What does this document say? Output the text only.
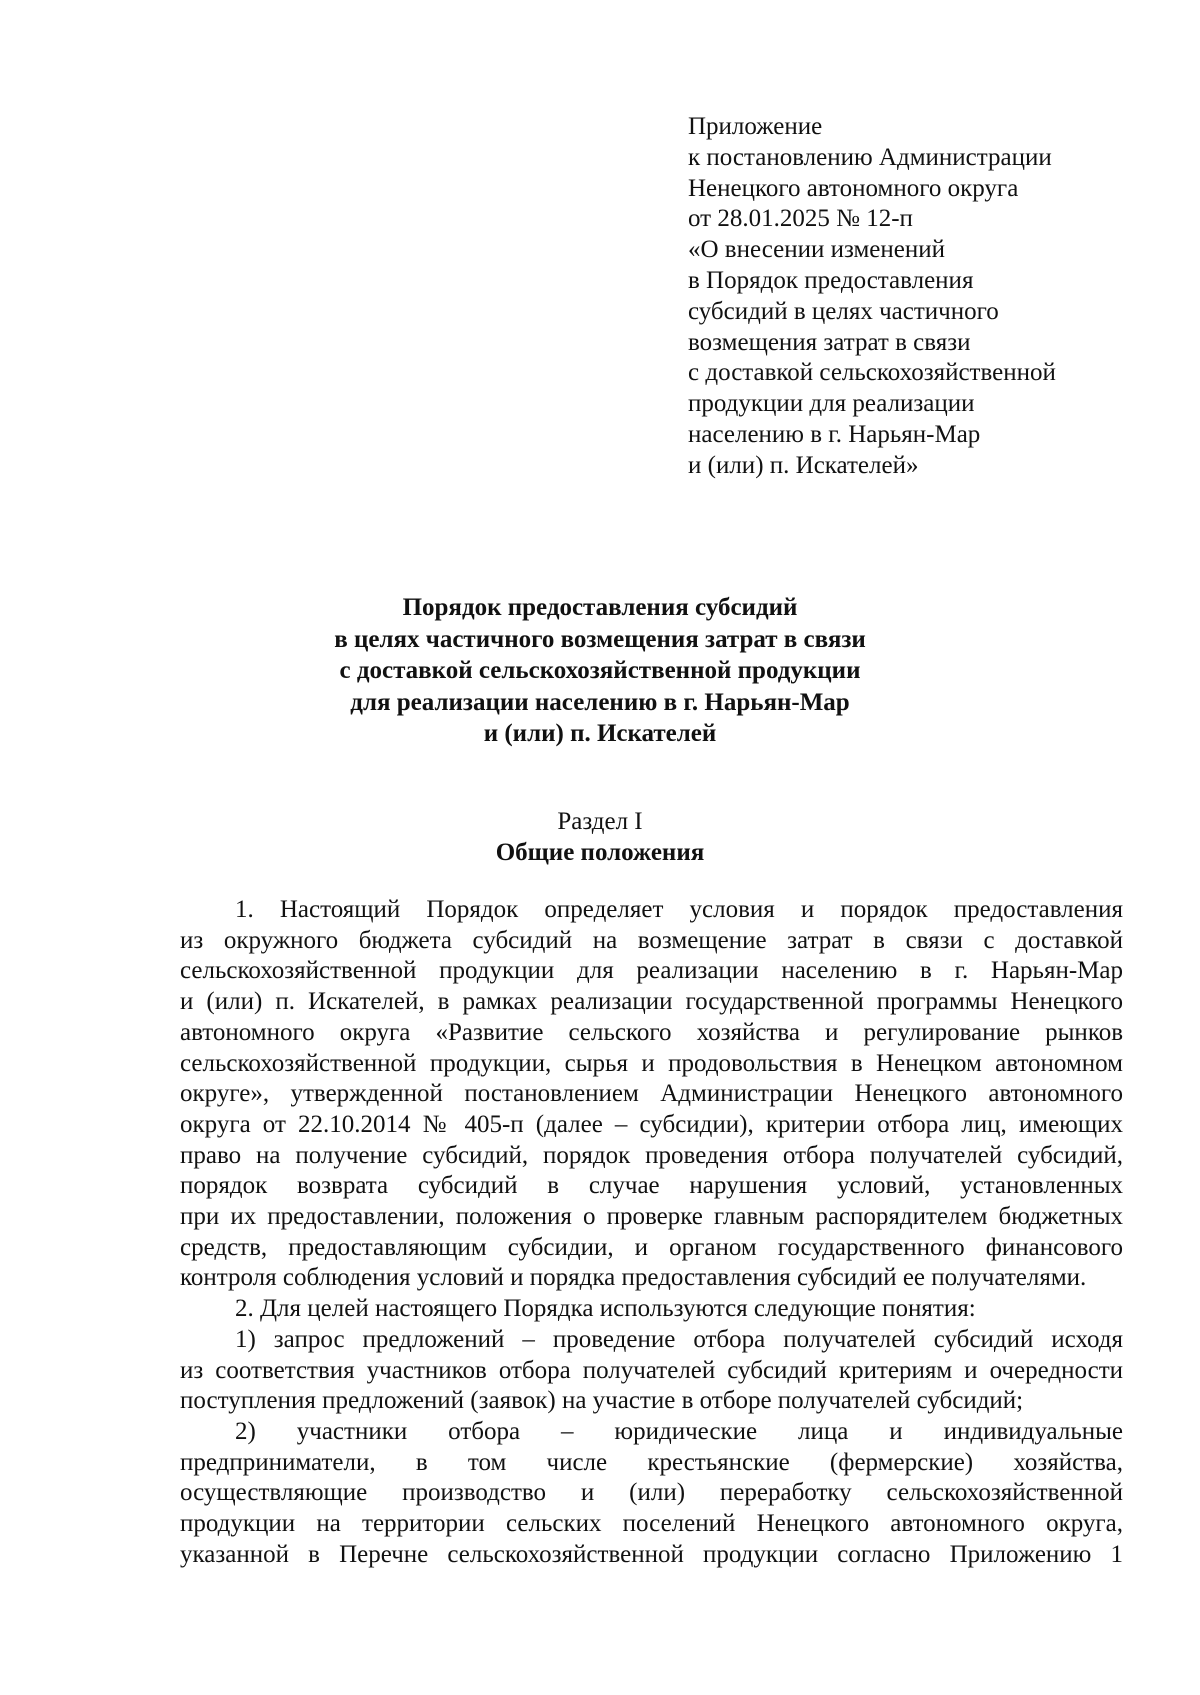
Приложение
к постановлению Администрации
Ненецкого автономного округа
от 28.01.2025 № 12-п
«О внесении изменений
в Порядок предоставления
субсидий в целях частичного
возмещения затрат в связи
с доставкой сельскохозяйственной
продукции для реализации
населению в г. Нарьян-Мар
и (или) п. Искателей»
Порядок предоставления субсидий
в целях частичного возмещения затрат в связи
с доставкой сельскохозяйственной продукции
для реализации населению в г. Нарьян-Мар
и (или) п. Искателей
Раздел I
Общие положения
1. Настоящий Порядок определяет условия и порядок предоставления
из окружного бюджета субсидий на возмещение затрат в связи с доставкой
сельскохозяйственной продукции для реализации населению в г. Нарьян-Мар
и (или) п. Искателей, в рамках реализации государственной программы Ненецкого
автономного округа «Развитие сельского хозяйства и регулирование рынков
сельскохозяйственной продукции, сырья и продовольствия в Ненецком автономном
округе», утвержденной постановлением Администрации Ненецкого автономного
округа от 22.10.2014 № 405-п (далее – субсидии), критерии отбора лиц, имеющих
право на получение субсидий, порядок проведения отбора получателей субсидий,
порядок возврата субсидий в случае нарушения условий, установленных
при их предоставлении, положения о проверке главным распорядителем бюджетных
средств, предоставляющим субсидии, и органом государственного финансового
контроля соблюдения условий и порядка предоставления субсидий ее получателями.
2. Для целей настоящего Порядка используются следующие понятия:
1) запрос предложений – проведение отбора получателей субсидий исходя
из соответствия участников отбора получателей субсидий критериям и очередности
поступления предложений (заявок) на участие в отборе получателей субсидий;
2) участники отбора – юридические лица и индивидуальные
предприниматели, в том числе крестьянские (фермерские) хозяйства,
осуществляющие производство и (или) переработку сельскохозяйственной
продукции на территории сельских поселений Ненецкого автономного округа,
указанной в Перечне сельскохозяйственной продукции согласно Приложению 1
